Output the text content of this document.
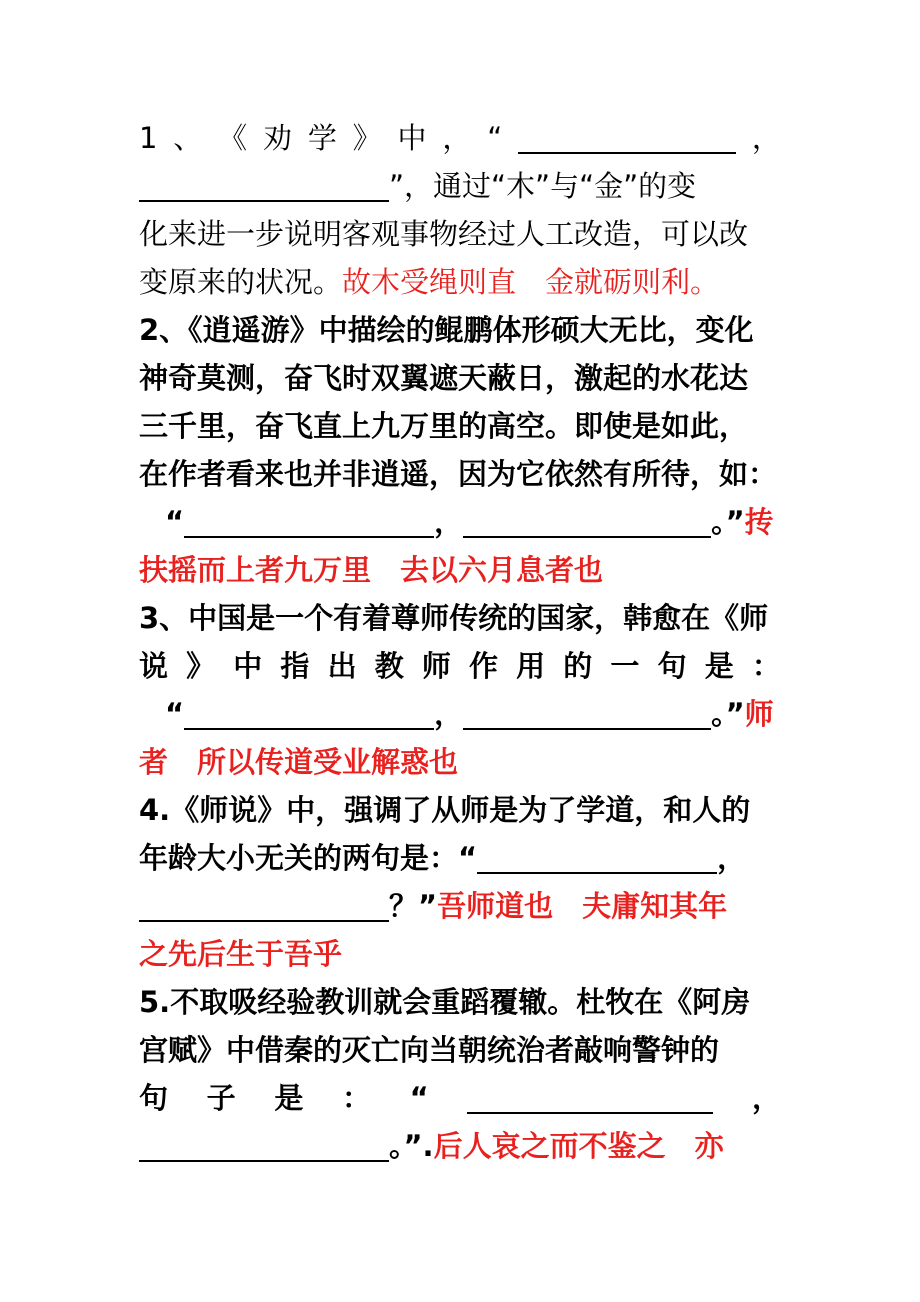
1 、 《 劝 学 》 中 ， “	，
”，通过“木”与“金”的变
化来进一步说明客观事物经过人工改造，可以改
变原来的状况。故木受绳则直　金就砺则利。
2、《逍遥游》中描绘的鲲鹏体形硕大无比，变化
神奇莫测，奋飞时双翼遮天蔽日，激起的水花达
三千里，奋飞直上九万里的高空。即使是如此，
在作者看来也并非逍遥，因为它依然有所待，如：
“	，	。”抟
扶摇而上者九万里　去以六月息者也
3、中国是一个有着尊师传统的国家，韩愈在《师
说 》 中 指 出 教 师 作 用 的 一 句 是 ：
“	，	。”师
者　所以传道受业解惑也
4.《师说》中，强调了从师是为了学道，和人的
年龄大小无关的两句是：“	，
？”吾师道也　夫庸知其年
之先后生于吾乎
5.不取吸经验教训就会重蹈覆辙。杜牧在《阿房
宫赋》中借秦的灭亡向当朝统治者敲响警钟的
句 子 是 ： “	，
。”.后人哀之而不鉴之　亦
